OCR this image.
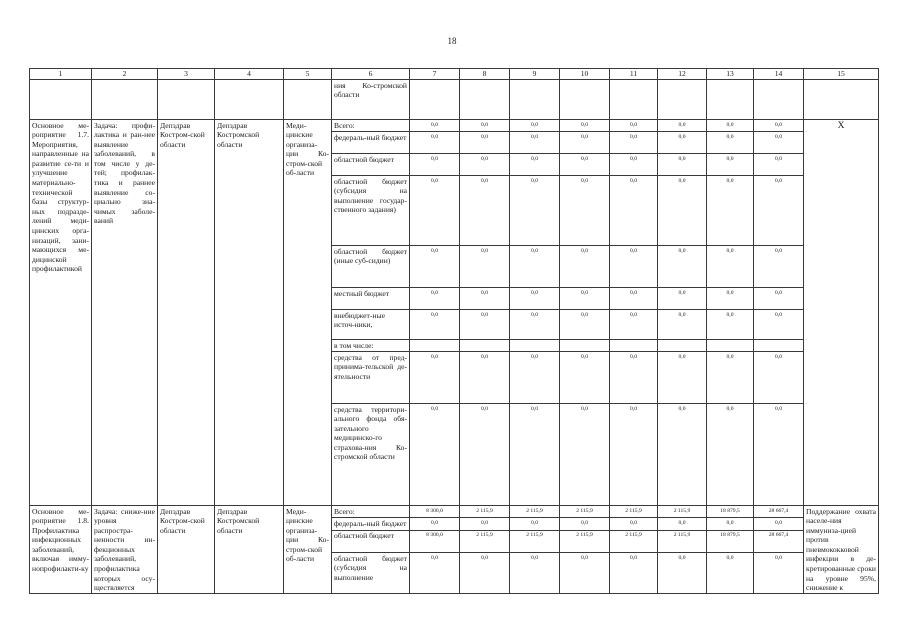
18
1	2	3	4	5	6	7	8	9	10	11	12	13	14	15
					ния Ко-стромской области									
Основное ме-роприятие 1.7. Мероприятия, направленные на развитие се-ти и улучшение материально-технической базы структур-ных подразде-лений меди-цинских орга-низаций, зани-мающихся ме-дицинской профилактикой	Задача: профи-лактика и ран-нее выявление заболеваний, в том числе у де-тей; профилак-тика и раннее выявление со-циально зна-чимых заболе-ваний	Депздрав Костром-ской области	Депздрав Костромской области	Меди-цинские организа-ции Ко-стром-ской об-ласти	Всего:	0,0	0,0	0,0	0,0	0,0	0,0	0,0	0,0	Х
					федераль-ный бюджет	0,0	0,0	0,0	0,0	0,0	0,0	0,0	0,0	
					областной бюджет	0,0	0,0	0,0	0,0	0,0	0,0	0,0	0,0	
					областной бюджет (субсидия на выполнение государ-ственного задания)	0,0	0,0	0,0	0,0	0,0	0,0	0,0	0,0	
					областной бюджет (иные суб-сидии)	0,0	0,0	0,0	0,0	0,0	0,0	0,0	0,0	
					местный бюджет	0,0	0,0	0,0	0,0	0,0	0,0	0,0	0,0	
					внебюджет-ные источ-ники,	0,0	0,0	0,0	0,0	0,0	0,0	0,0	0,0	
					в том числе:									
					средства от пред-принима-тельской де-ятельности	0,0	0,0	0,0	0,0	0,0	0,0	0,0	0,0	
					средства территори-ального фонда обя-зательного медицинско-го страхова-ния Ко-стромской области	0,0	0,0	0,0	0,0	0,0	0,0	0,0	0,0	
Основное ме-роприятие 1.8. Профилактика инфекционных заболеваний, включая имму-нопрофилакти-ку	Задача: сниже-ние уровня распростра-ненности ин-фекционных заболеваний, профилактика которых осу-ществляется	Депздрав Костром-ской области	Депздрав Костромской области	Меди-цинские организа-ции Ко-стром-ской об-ласти	Всего:	8 300,0	2 115,9	2 115,9	2 115,9	2 115,9	2 115,9	18 879,5	28 667,4	Поддержание охвата населе-ния иммуниза-цией против пневмококковой инфекции в де-кретированные сроки на уровне 95%, снижение к
					федераль-ный бюджет	0,0	0,0	0,0	0,0	0,0	0,0	0,0	0,0	
					областной бюджет	8 300,0	2 115,9	2 115,9	2 115,9	2 115,9	2 115,9	18 879,5	28 667,4	
					областной бюджет (субсидия на выполнение	0,0	0,0	0,0	0,0	0,0	0,0	0,0	0,0	
